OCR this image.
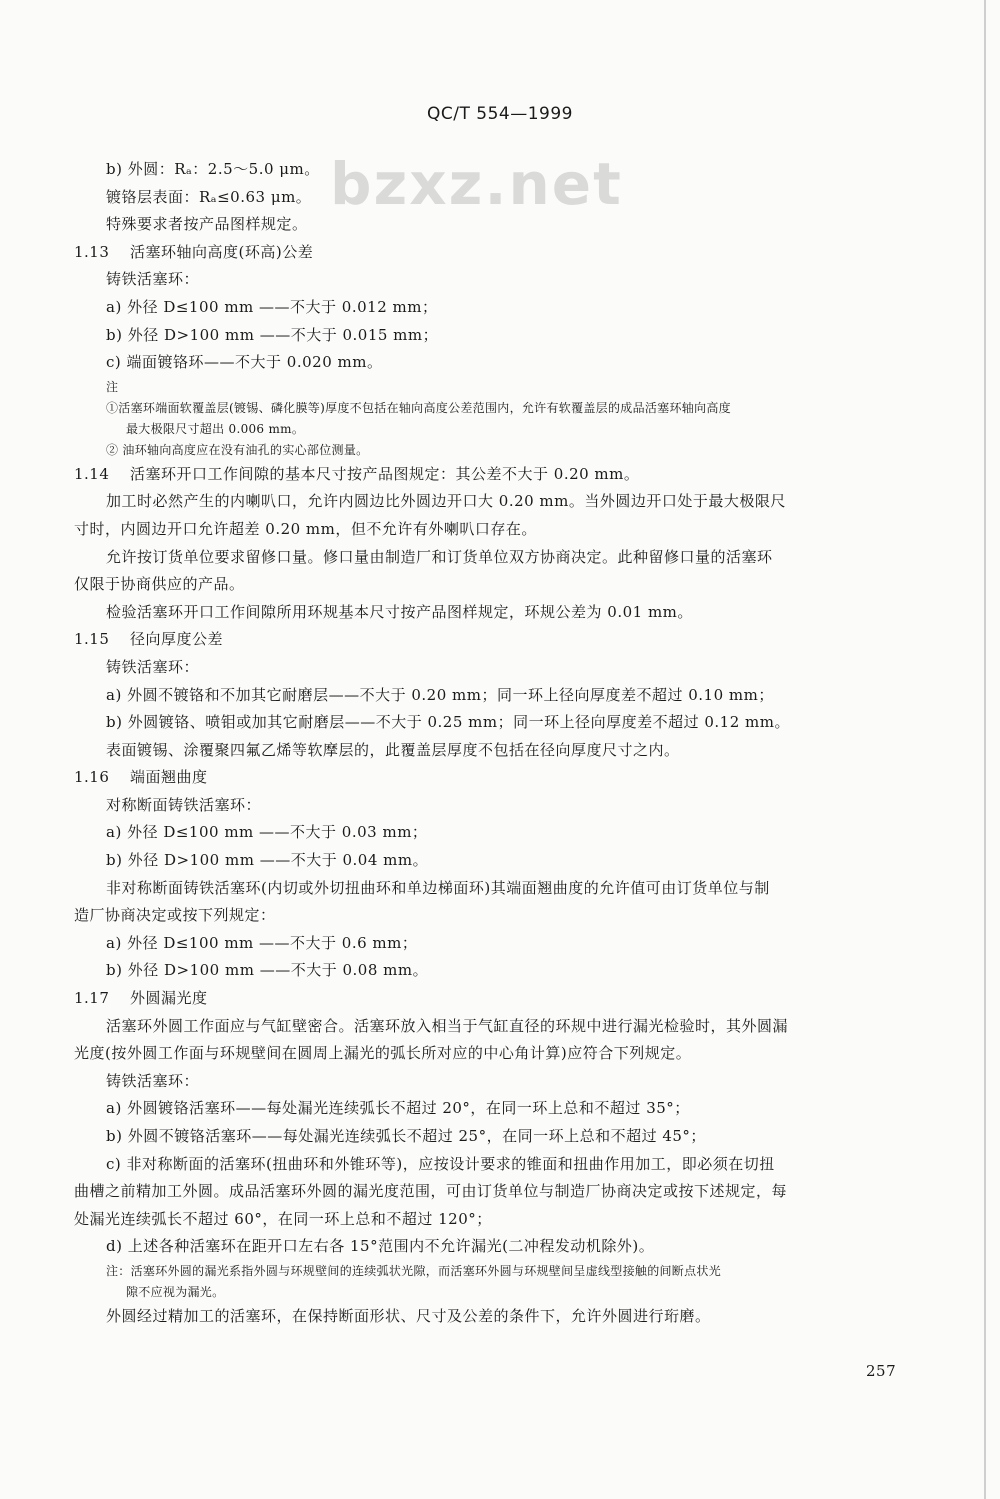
bzxz.net
QC/T 554—1999
b) 外圆：Rₐ：2.5～5.0 μm。
镀铬层表面：Rₐ≤0.63 μm。
特殊要求者按产品图样规定。
1.13 活塞环轴向高度(环高)公差
铸铁活塞环：
a) 外径 D≤100 mm ——不大于 0.012 mm；
b) 外径 D>100 mm ——不大于 0.015 mm；
c) 端面镀铬环——不大于 0.020 mm。
注
①活塞环端面软覆盖层(镀锡、磷化膜等)厚度不包括在轴向高度公差范围内，允许有软覆盖层的成品活塞环轴向高度
最大极限尺寸超出 0.006 mm。
② 油环轴向高度应在没有油孔的实心部位测量。
1.14 活塞环开口工作间隙的基本尺寸按产品图规定：其公差不大于 0.20 mm。
加工时必然产生的内喇叭口，允许内圆边比外圆边开口大 0.20 mm。当外圆边开口处于最大极限尺
寸时，内圆边开口允许超差 0.20 mm，但不允许有外喇叭口存在。
允许按订货单位要求留修口量。修口量由制造厂和订货单位双方协商决定。此种留修口量的活塞环
仅限于协商供应的产品。
检验活塞环开口工作间隙所用环规基本尺寸按产品图样规定，环规公差为 0.01 mm。
1.15 径向厚度公差
铸铁活塞环：
a) 外圆不镀铬和不加其它耐磨层——不大于 0.20 mm；同一环上径向厚度差不超过 0.10 mm；
b) 外圆镀铬、喷钼或加其它耐磨层——不大于 0.25 mm；同一环上径向厚度差不超过 0.12 mm。
表面镀锡、涂覆聚四氟乙烯等软摩层的，此覆盖层厚度不包括在径向厚度尺寸之内。
1.16 端面翘曲度
对称断面铸铁活塞环：
a) 外径 D≤100 mm ——不大于 0.03 mm；
b) 外径 D>100 mm ——不大于 0.04 mm。
非对称断面铸铁活塞环(内切或外切扭曲环和单边梯面环)其端面翘曲度的允许值可由订货单位与制
造厂协商决定或按下列规定：
a) 外径 D≤100 mm ——不大于 0.6 mm；
b) 外径 D>100 mm ——不大于 0.08 mm。
1.17 外圆漏光度
活塞环外圆工作面应与气缸壁密合。活塞环放入相当于气缸直径的环规中进行漏光检验时，其外圆漏
光度(按外圆工作面与环规壁间在圆周上漏光的弧长所对应的中心角计算)应符合下列规定。
铸铁活塞环：
a) 外圆镀铬活塞环——每处漏光连续弧长不超过 20°，在同一环上总和不超过 35°；
b) 外圆不镀铬活塞环——每处漏光连续弧长不超过 25°，在同一环上总和不超过 45°；
c) 非对称断面的活塞环(扭曲环和外锥环等)，应按设计要求的锥面和扭曲作用加工，即必须在切扭
曲槽之前精加工外圆。成品活塞环外圆的漏光度范围，可由订货单位与制造厂协商决定或按下述规定，每
处漏光连续弧长不超过 60°，在同一环上总和不超过 120°；
d) 上述各种活塞环在距开口左右各 15°范围内不允许漏光(二冲程发动机除外)。
注：活塞环外圆的漏光系指外圆与环规壁间的连续弧状光隙，而活塞环外圆与环规壁间呈虚线型接触的间断点状光
隙不应视为漏光。
外圆经过精加工的活塞环，在保持断面形状、尺寸及公差的条件下，允许外圆进行珩磨。
257
